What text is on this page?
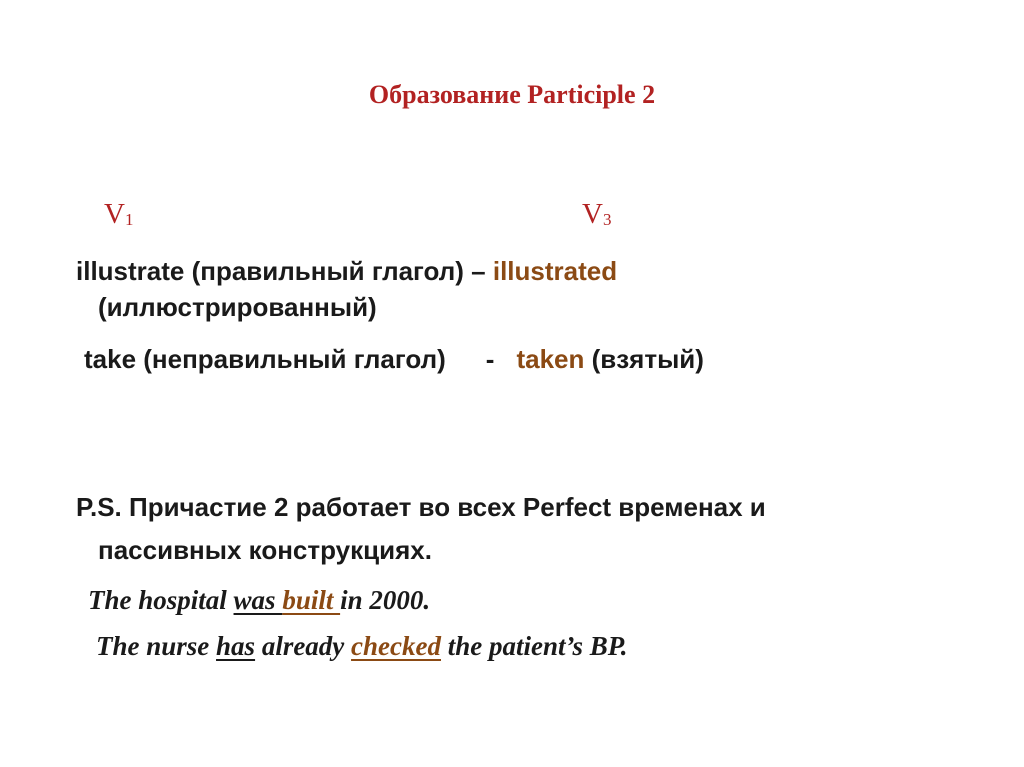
Образование Participle 2
$V_1$	$V_3$
illustrate (правильный глагол) – illustrated
(иллюстрированный)
take (неправильный глагол) - taken (взятый)
P.S. Причастие 2 работает во всех Perfect временах и
пассивных конструкциях.
The hospital was built in 2000.
The nurse has already checked the patient’s BP.
